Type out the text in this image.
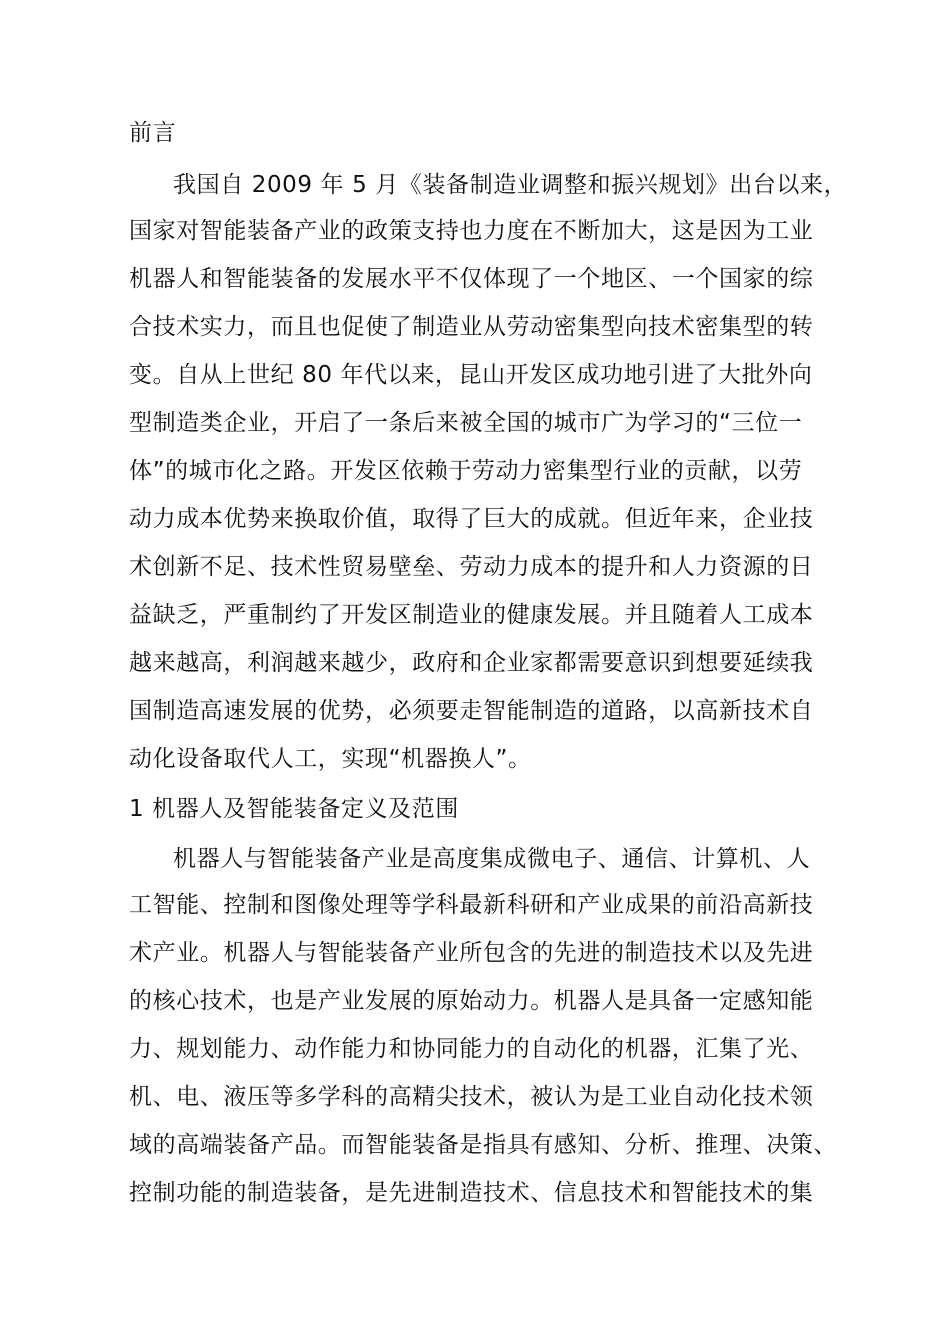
前言
我国自 2009 年 5 月《装备制造业调整和振兴规划》出台以来，
国家对智能装备产业的政策支持也力度在不断加大，这是因为工业
机器人和智能装备的发展水平不仅体现了一个地区、一个国家的综
合技术实力，而且也促使了制造业从劳动密集型向技术密集型的转
变。自从上世纪 80 年代以来，昆山开发区成功地引进了大批外向
型制造类企业，开启了一条后来被全国的城市广为学习的“三位一
体”的城市化之路。开发区依赖于劳动力密集型行业的贡献，以劳
动力成本优势来换取价值，取得了巨大的成就。但近年来，企业技
术创新不足、技术性贸易壁垒、劳动力成本的提升和人力资源的日
益缺乏，严重制约了开发区制造业的健康发展。并且随着人工成本
越来越高，利润越来越少，政府和企业家都需要意识到想要延续我
国制造高速发展的优势，必须要走智能制造的道路，以高新技术自
动化设备取代人工，实现“机器换人”。
1 机器人及智能装备定义及范围
机器人与智能装备产业是高度集成微电子、通信、计算机、人
工智能、控制和图像处理等学科最新科研和产业成果的前沿高新技
术产业。机器人与智能装备产业所包含的先进的制造技术以及先进
的核心技术，也是产业发展的原始动力。机器人是具备一定感知能
力、规划能力、动作能力和协同能力的自动化的机器，汇集了光、
机、电、液压等多学科的高精尖技术，被认为是工业自动化技术领
域的高端装备产品。而智能装备是指具有感知、分析、推理、决策、
控制功能的制造装备，是先进制造技术、信息技术和智能技术的集
